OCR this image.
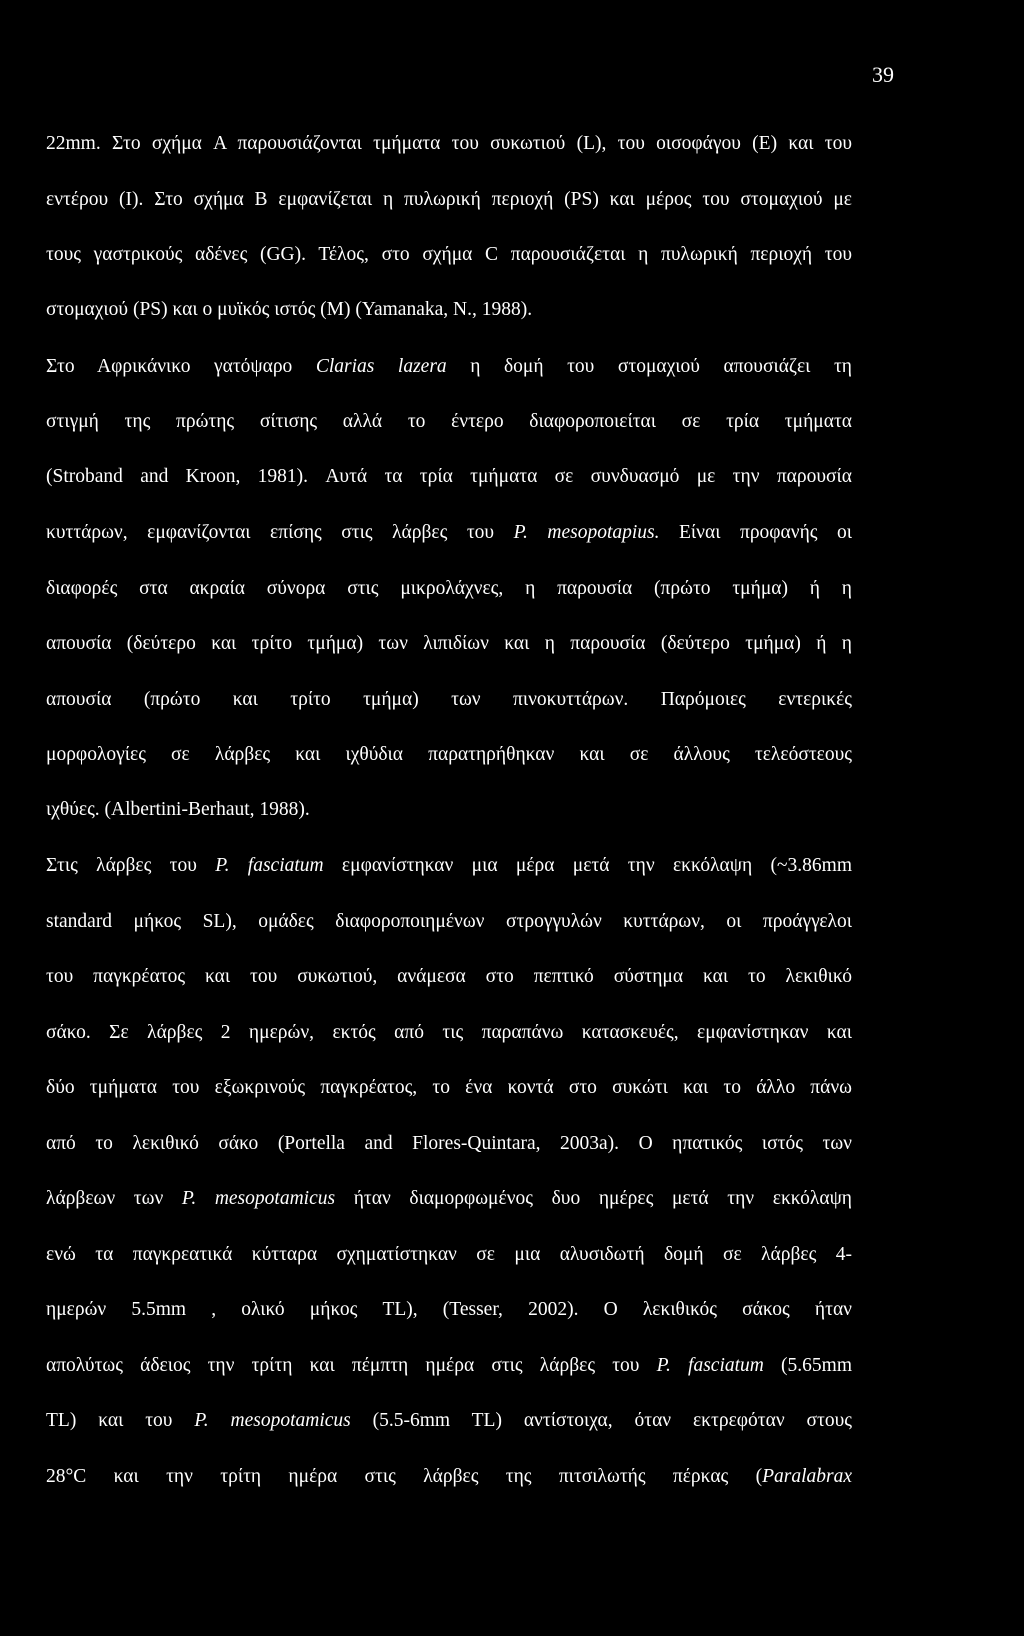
39
22mm. Στο σχήμα A παρουσιάζονται τμήματα του συκωτιού (L), του οισοφάγου (E) και του
εντέρου (I). Στο σχήμα B εμφανίζεται η πυλωρική περιοχή (PS) και μέρος του στομαχιού με
τους γαστρικούς αδένες (GG). Τέλος, στο σχήμα C παρουσιάζεται η πυλωρική περιοχή του
στομαχιού (PS) και ο μυϊκός ιστός (M) (Yamanaka, N., 1988).
Στο Αφρικάνικο γατόψαρο Clarias lazera η δομή του στομαχιού απουσιάζει τη
στιγμή της πρώτης σίτισης αλλά το έντερο διαφοροποιείται σε τρία τμήματα
(Stroband and Kroon, 1981). Αυτά τα τρία τμήματα σε συνδυασμό με την παρουσία
κυττάρων, εμφανίζονται επίσης στις λάρβες του P. mesopotapius. Είναι προφανής οι
διαφορές στα ακραία σύνορα στις μικρολάχνες, η παρουσία (πρώτο τμήμα) ή η
απουσία (δεύτερο και τρίτο τμήμα) των λιπιδίων και η παρουσία (δεύτερο τμήμα) ή η
απουσία (πρώτο και τρίτο τμήμα) των πινοκυττάρων. Παρόμοιες εντερικές
μορφολογίες σε λάρβες και ιχθύδια παρατηρήθηκαν και σε άλλους τελεόστεους
ιχθύες. (Albertini-Berhaut, 1988).
Στις λάρβες του P. fasciatum εμφανίστηκαν μια μέρα μετά την εκκόλαψη (~3.86mm
standard μήκος SL), ομάδες διαφοροποιημένων στρογγυλών κυττάρων, οι προάγγελοι
του παγκρέατος και του συκωτιού, ανάμεσα στο πεπτικό σύστημα και το λεκιθικό
σάκο. Σε λάρβες 2 ημερών, εκτός από τις παραπάνω κατασκευές, εμφανίστηκαν και
δύο τμήματα του εξωκρινούς παγκρέατος, το ένα κοντά στο συκώτι και το άλλο πάνω
από το λεκιθικό σάκο (Portella and Flores-Quintara, 2003a). Ο ηπατικός ιστός των
λάρβεων των P. mesopotamicus ήταν διαμορφωμένος δυο ημέρες μετά την εκκόλαψη
ενώ τα παγκρεατικά κύτταρα σχηματίστηκαν σε μια αλυσιδωτή δομή σε λάρβες 4-
ημερών 5.5mm , ολικό μήκος TL), (Tesser, 2002). Ο λεκιθικός σάκος ήταν
απολύτως άδειος την τρίτη και πέμπτη ημέρα στις λάρβες του P. fasciatum (5.65mm
TL) και του P. mesopotamicus (5.5-6mm TL) αντίστοιχα, όταν εκτρεφόταν στους
28°C και την τρίτη ημέρα στις λάρβες της πιτσιλωτής πέρκας (Paralabrax
